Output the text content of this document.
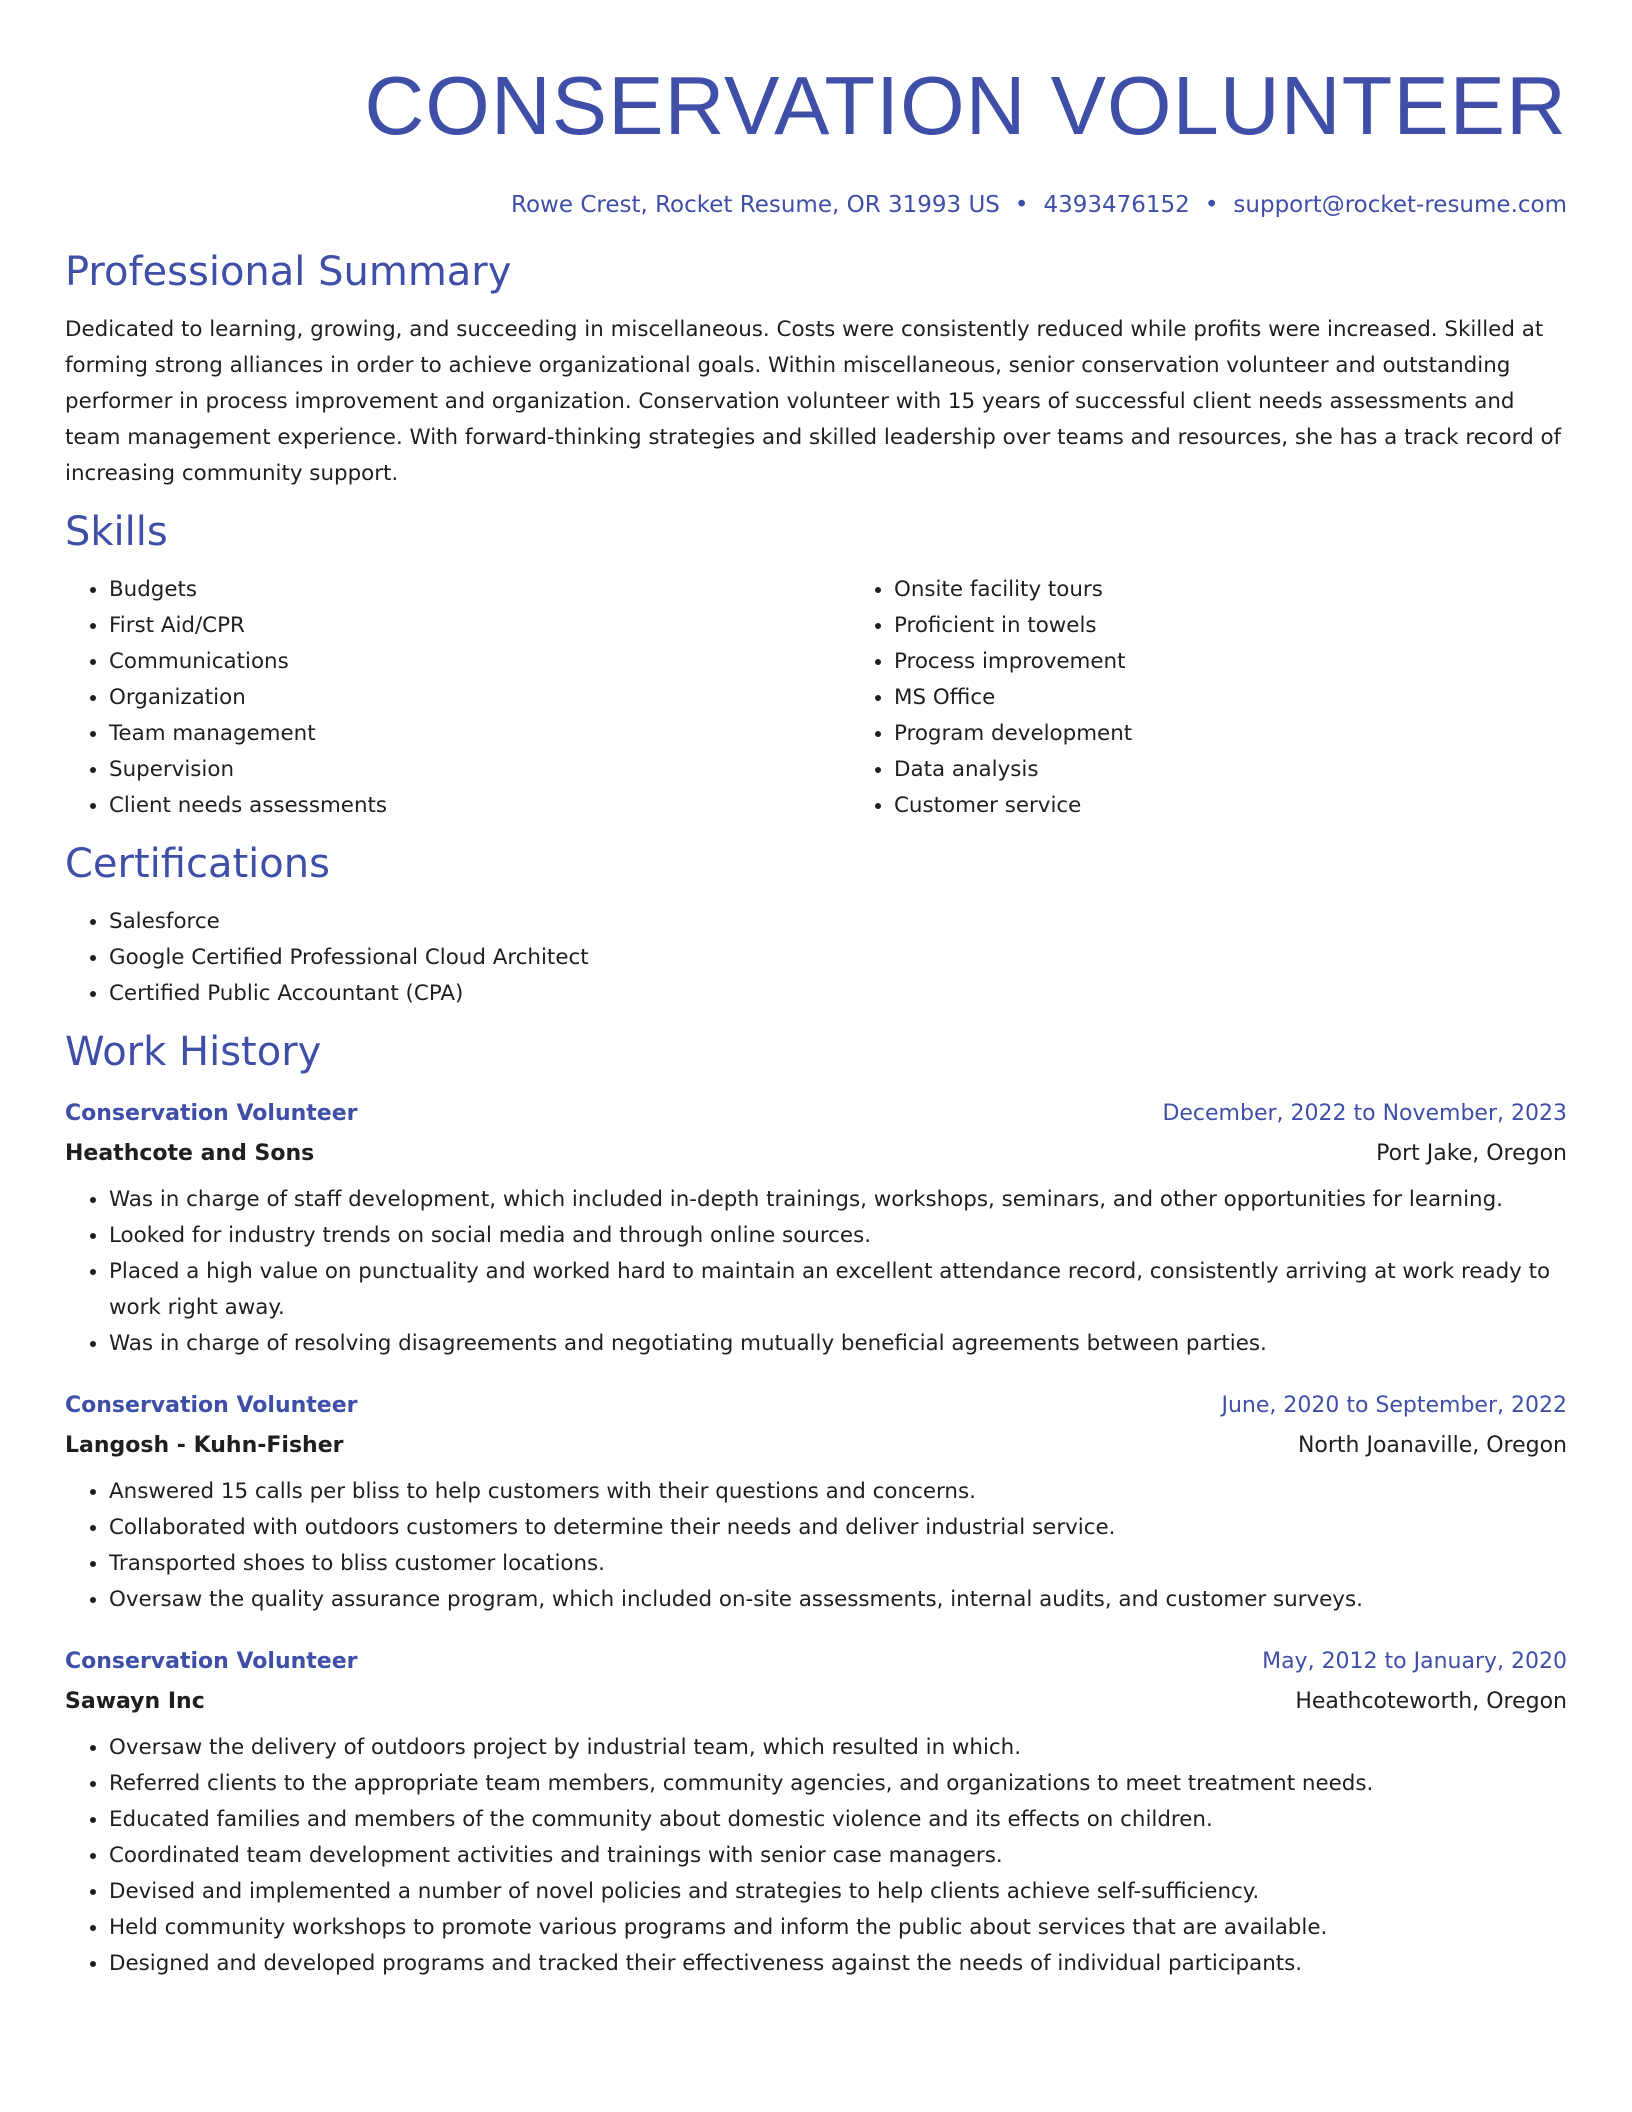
CONSERVATION VOLUNTEER
Rowe Crest, Rocket Resume, OR 31993 US • 4393476152 • support@rocket-resume.com
Professional Summary

Dedicated to learning, growing, and succeeding in miscellaneous. Costs were consistently reduced while profits were increased. Skilled at forming strong alliances in order to achieve organizational goals. Within miscellaneous, senior conservation volunteer and outstanding performer in process improvement and organization. Conservation volunteer with 15 years of successful client needs assessments and team management experience. With forward-thinking strategies and skilled leadership over teams and resources, she has a track record of increasing community support.

Skills
• Budgets
• First Aid/CPR
• Communications
• Organization
• Team management
• Supervision
• Client needs assessments
• Onsite facility tours
• Proficient in towels
• Process improvement
• MS Office
• Program development
• Data analysis
• Customer service
Certifications
• Salesforce
• Google Certified Professional Cloud Architect
• Certified Public Accountant (CPA)
Work History
Conservation Volunteer	December, 2022 to November, 2023
Heathcote and Sons	Port Jake, Oregon
• Was in charge of staff development, which included in-depth trainings, workshops, seminars, and other opportunities for learning.
• Looked for industry trends on social media and through online sources.
• Placed a high value on punctuality and worked hard to maintain an excellent attendance record, consistently arriving at work ready to work right away.
• Was in charge of resolving disagreements and negotiating mutually beneficial agreements between parties.
Conservation Volunteer	June, 2020 to September, 2022
Langosh - Kuhn-Fisher	North Joanaville, Oregon
• Answered 15 calls per bliss to help customers with their questions and concerns.
• Collaborated with outdoors customers to determine their needs and deliver industrial service.
• Transported shoes to bliss customer locations.
• Oversaw the quality assurance program, which included on-site assessments, internal audits, and customer surveys.
Conservation Volunteer	May, 2012 to January, 2020
Sawayn Inc	Heathcoteworth, Oregon
• Oversaw the delivery of outdoors project by industrial team, which resulted in which.
• Referred clients to the appropriate team members, community agencies, and organizations to meet treatment needs.
• Educated families and members of the community about domestic violence and its effects on children.
• Coordinated team development activities and trainings with senior case managers.
• Devised and implemented a number of novel policies and strategies to help clients achieve self-sufficiency.
• Held community workshops to promote various programs and inform the public about services that are available.
• Designed and developed programs and tracked their effectiveness against the needs of individual participants.
